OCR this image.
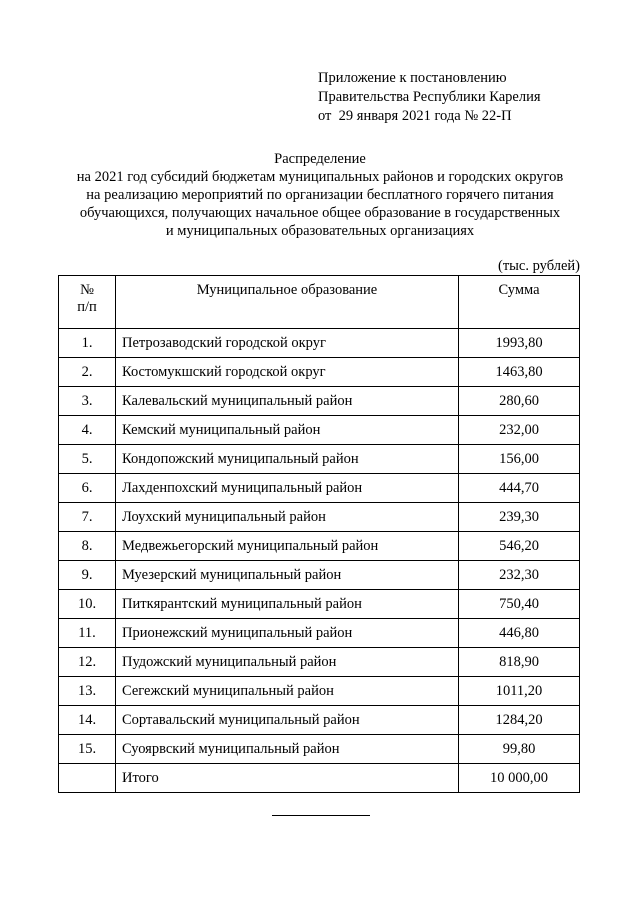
Приложение к постановлению
Правительства Республики Карелия
от  29 января 2021 года № 22-П
Распределение
на 2021 год субсидий бюджетам муниципальных районов и городских округов
на реализацию мероприятий по организации бесплатного горячего питания
обучающихся, получающих начальное общее образование в государственных
и муниципальных образовательных организациях
(тыс. рублей)
№
п/п	Муниципальное образование	Сумма
1.	Петрозаводский городской округ	1993,80
2.	Костомукшский городской округ	1463,80
3.	Калевальский муниципальный район	280,60
4.	Кемский муниципальный район	232,00
5.	Кондопожский муниципальный район	156,00
6.	Лахденпохский муниципальный район	444,70
7.	Лоухский муниципальный район	239,30
8.	Медвежьегорский муниципальный район	546,20
9.	Муезерский муниципальный район	232,30
10.	Питкярантский муниципальный район	750,40
11.	Прионежский муниципальный район	446,80
12.	Пудожский муниципальный район	818,90
13.	Сегежский муниципальный район	1011,20
14.	Сортавальский муниципальный район	1284,20
15.	Суоярвский муниципальный район	99,80
	Итого	10 000,00
